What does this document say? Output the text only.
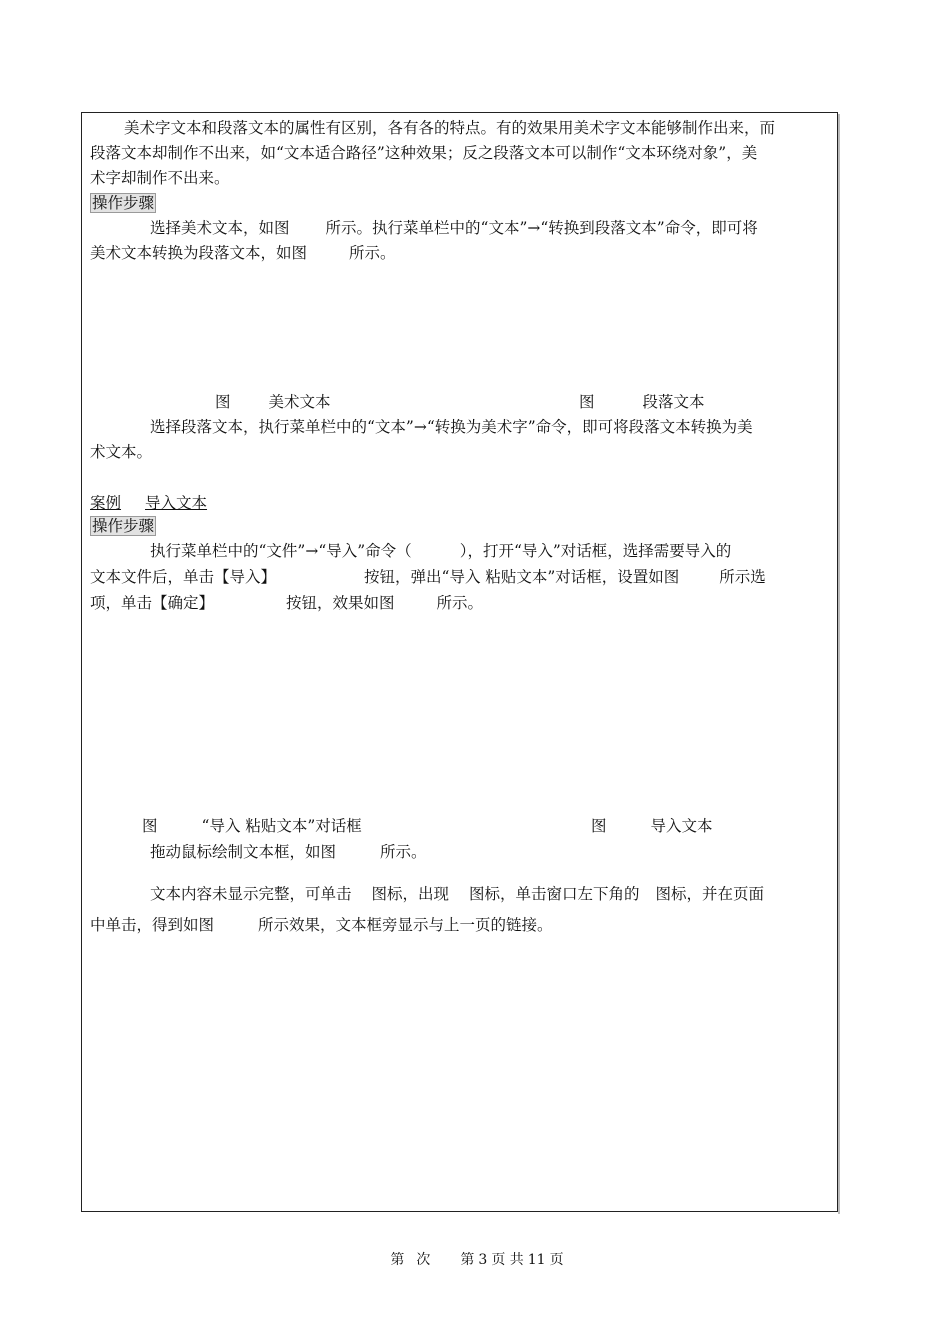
美术字文本和段落文本的属性有区别，各有各的特点。有的效果用美术字文本能够制作出来，而
段落文本却制作不出来，如“文本适合路径”这种效果；反之段落文本可以制作“文本环绕对象”，美
术字却制作不出来。
操作步骤
选择美术文本，如图 所示。执行菜单栏中的“文本”→“转换到段落文本”命令，即可将
美术文本转换为段落文本，如图	所示。
图 美术文本	图	段落文本
选择段落文本，执行菜单栏中的“文本”→“转换为美术字”命令，即可将段落文本转换为美
术文本。
案例 导入文本
操作步骤
执行菜单栏中的“文件”→“导入”命令（	），打开“导入”对话框，选择需要导入的
文本文件后，单击【导入】	按钮，弹出“导入 粘贴文本”对话框，设置如图	所示选
项，单击【确定】	按钮，效果如图	所示。
图	“导入 粘贴文本”对话框	图	导入文本
拖动鼠标绘制文本框，如图	所示。
文本内容未显示完整，可单击 图标，出现 图标，单击窗口左下角的 图标，并在页面
中单击，得到如图	所示效果，文本框旁显示与上一页的链接。
第 次 第 3 页 共 11 页
